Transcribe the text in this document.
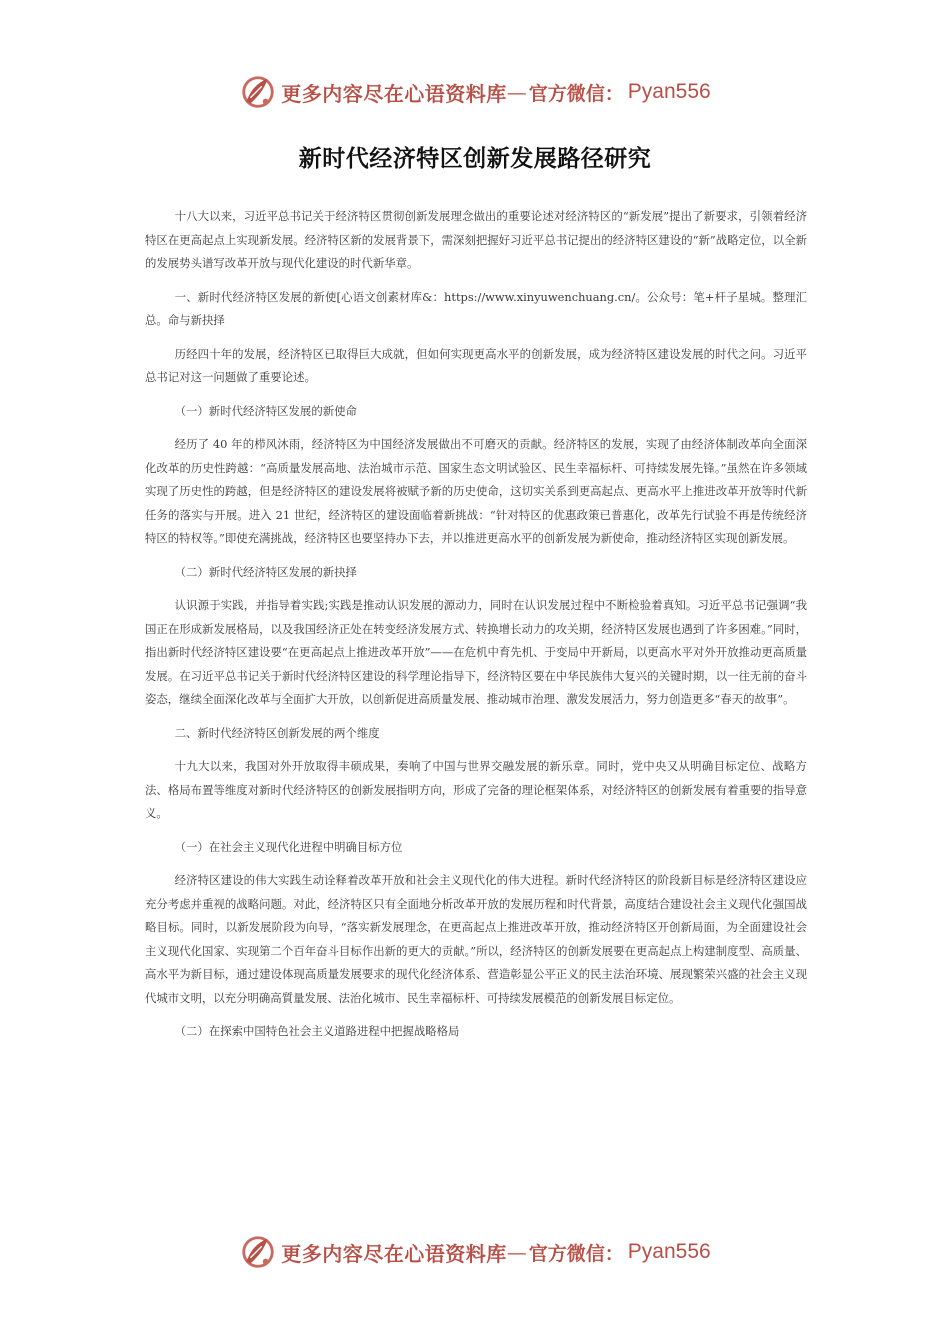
更多内容尽在心语资料库 — 官方微信： Pyan556
新时代经济特区创新发展路径研究

十八大以来，习近平总书记关于经济特区贯彻创新发展理念做出的重要论述对经济特区的“新发展”提出了新要求，引领着经济特区在更高起点上实现新发展。经济特区新的发展背景下，需深刻把握好习近平总书记提出的经济特区建设的“新”战略定位，以全新的发展势头谱写改革开放与现代化建设的时代新华章。

一、新时代经济特区发展的新使[心语文创素材库&：https://www.xinyuwenchuang.cn/。公众号：笔+杆子星城。整理汇总。命与新抉择

历经四十年的发展，经济特区已取得巨大成就，但如何实现更高水平的创新发展，成为经济特区建设发展的时代之问。习近平总书记对这一问题做了重要论述。

（一）新时代经济特区发展的新使命

经历了 40 年的栉风沐雨，经济特区为中国经济发展做出不可磨灭的贡献。经济特区的发展，实现了由经济体制改革向全面深化改革的历史性跨越：“高质量发展高地、法治城市示范、国家生态文明试验区、民生幸福标杆、可持续发展先锋。”虽然在许多领域实现了历史性的跨越，但是经济特区的建设发展将被赋予新的历史使命，这切实关系到更高起点、更高水平上推进改革开放等时代新任务的落实与开展。进入 21 世纪，经济特区的建设面临着新挑战：“针对特区的优惠政策已普惠化，改革先行试验不再是传统经济特区的特权等。”即使充满挑战，经济特区也要坚持办下去，并以推进更高水平的创新发展为新使命，推动经济特区实现创新发展。

（二）新时代经济特区发展的新抉择

认识源于实践，并指导着实践;实践是推动认识发展的源动力，同时在认识发展过程中不断检验着真知。习近平总书记强调“我国正在形成新发展格局，以及我国经济正处在转变经济发展方式、转换增长动力的攻关期，经济特区发展也遇到了许多困难。”同时，指出新时代经济特区建设要“在更高起点上推进改革开放”——在危机中育先机、于变局中开新局，以更高水平对外开放推动更高质量发展。在习近平总书记关于新时代经济特区建设的科学理论指导下，经济特区要在中华民族伟大复兴的关键时期，以一往无前的奋斗姿态，继续全面深化改革与全面扩大开放，以创新促进高质量发展、推动城市治理、激发发展活力，努力创造更多“春天的故事”。

二、新时代经济特区创新发展的两个维度

十九大以来，我国对外开放取得丰硕成果，奏响了中国与世界交融发展的新乐章。同时，党中央又从明确目标定位、战略方法、格局布置等维度对新时代经济特区的创新发展指明方向，形成了完备的理论框架体系，对经济特区的创新发展有着重要的指导意义。

（一）在社会主义现代化进程中明确目标方位

经济特区建设的伟大实践生动诠释着改革开放和社会主义现代化的伟大进程。新时代经济特区的阶段新目标是经济特区建设应充分考虑并重视的战略问题。对此，经济特区只有全面地分析改革开放的发展历程和时代背景，高度结合建设社会主义现代化强国战略目标。同时，以新发展阶段为向导，“落实新发展理念，在更高起点上推进改革开放，推动经济特区开创新局面，为全面建设社会主义现代化国家、实现第二个百年奋斗目标作出新的更大的贡献。”所以，经济特区的创新发展要在更高起点上构建制度型、高质量、高水平为新目标，通过建设体现高质量发展要求的现代化经济体系、营造彰显公平正义的民主法治环境、展现繁荣兴盛的社会主义现代城市文明，以充分明确高質量发展、法治化城市、民生幸福标杆、可持续发展模范的创新发展目标定位。

（二）在探索中国特色社会主义道路进程中把握战略格局

更多内容尽在心语资料库 — 官方微信： Pyan556
